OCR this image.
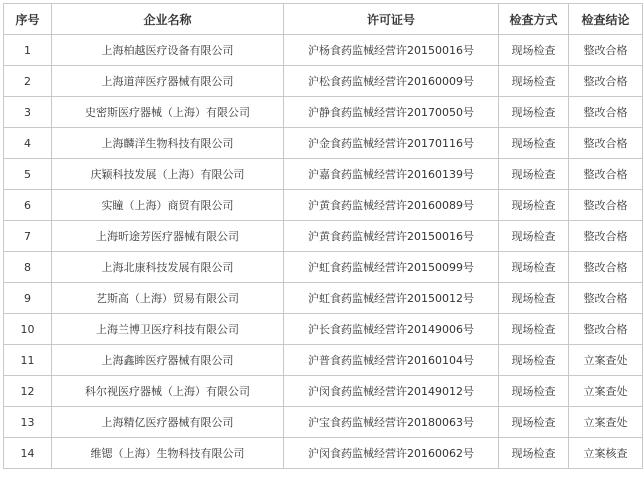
序号	企业名称	许可证号	检查方式	检查结论
1	上海柏越医疗设备有限公司	沪杨食药监械经营许20150016号	现场检查	整改合格
2	上海道萍医疗器械有限公司	沪松食药监械经营许20160009号	现场检查	整改合格
3	史密斯医疗器械（上海）有限公司	沪静食药监械经营许20170050号	现场检查	整改合格
4	上海麟洋生物科技有限公司	沪金食药监械经营许20170116号	现场检查	整改合格
5	庆颖科技发展（上海）有限公司	沪嘉食药监械经营许20160139号	现场检查	整改合格
6	实瞳（上海）商贸有限公司	沪黄食药监械经营许20160089号	现场检查	整改合格
7	上海昕途芳医疗器械有限公司	沪黄食药监械经营许20150016号	现场检查	整改合格
8	上海北康科技发展有限公司	沪虹食药监械经营许20150099号	现场检查	整改合格
9	艺斯高（上海）贸易有限公司	沪虹食药监械经营许20150012号	现场检查	整改合格
10	上海兰博卫医疗科技有限公司	沪长食药监械经营许20149006号	现场检查	整改合格
11	上海鑫眸医疗器械有限公司	沪普食药监械经营许20160104号	现场检查	立案查处
12	科尔视医疗器械（上海）有限公司	沪闵食药监械经营许20149012号	现场检查	立案查处
13	上海精亿医疗器械有限公司	沪宝食药监械经营许20180063号	现场检查	立案查处
14	维锶（上海）生物科技有限公司	沪闵食药监械经营许20160062号	现场检查	立案核查
